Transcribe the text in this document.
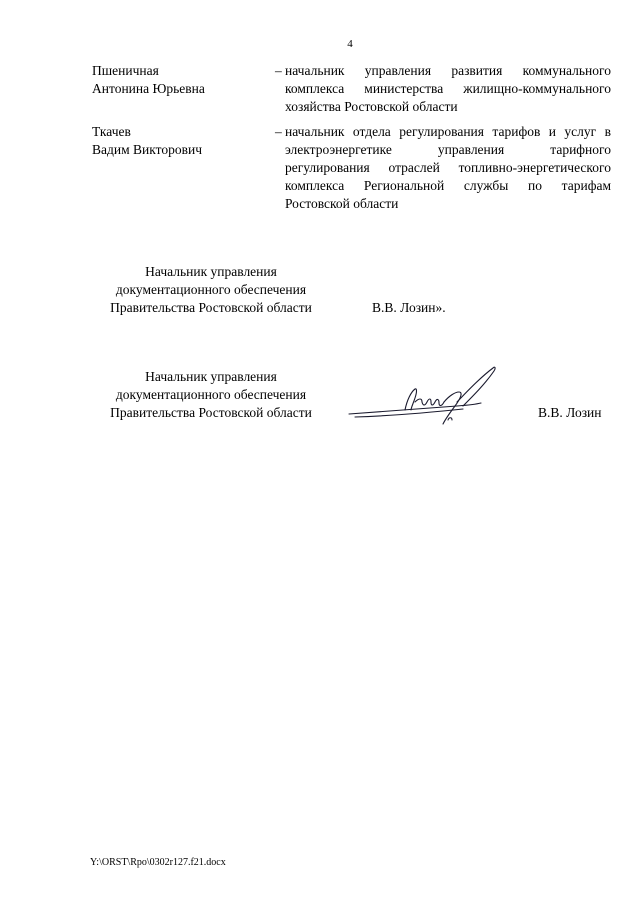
4
Пшеничная
Антонина Юрьевна
– начальник управления развития коммунального комплекса министерства жилищно-коммунального хозяйства Ростовской области
Ткачев
Вадим Викторович
– начальник отдела регулирования тарифов и услуг в электроэнергетике управления тарифного регулирования отраслей топливно-энергетического комплекса Региональной службы по тарифам Ростовской области
Начальник управления
документационного обеспечения
Правительства Ростовской области	В.В. Лозин».
Начальник управления
документационного обеспечения
Правительства Ростовской области	В.В. Лозин
Y:\ORST\Rpo\0302r127.f21.docx
